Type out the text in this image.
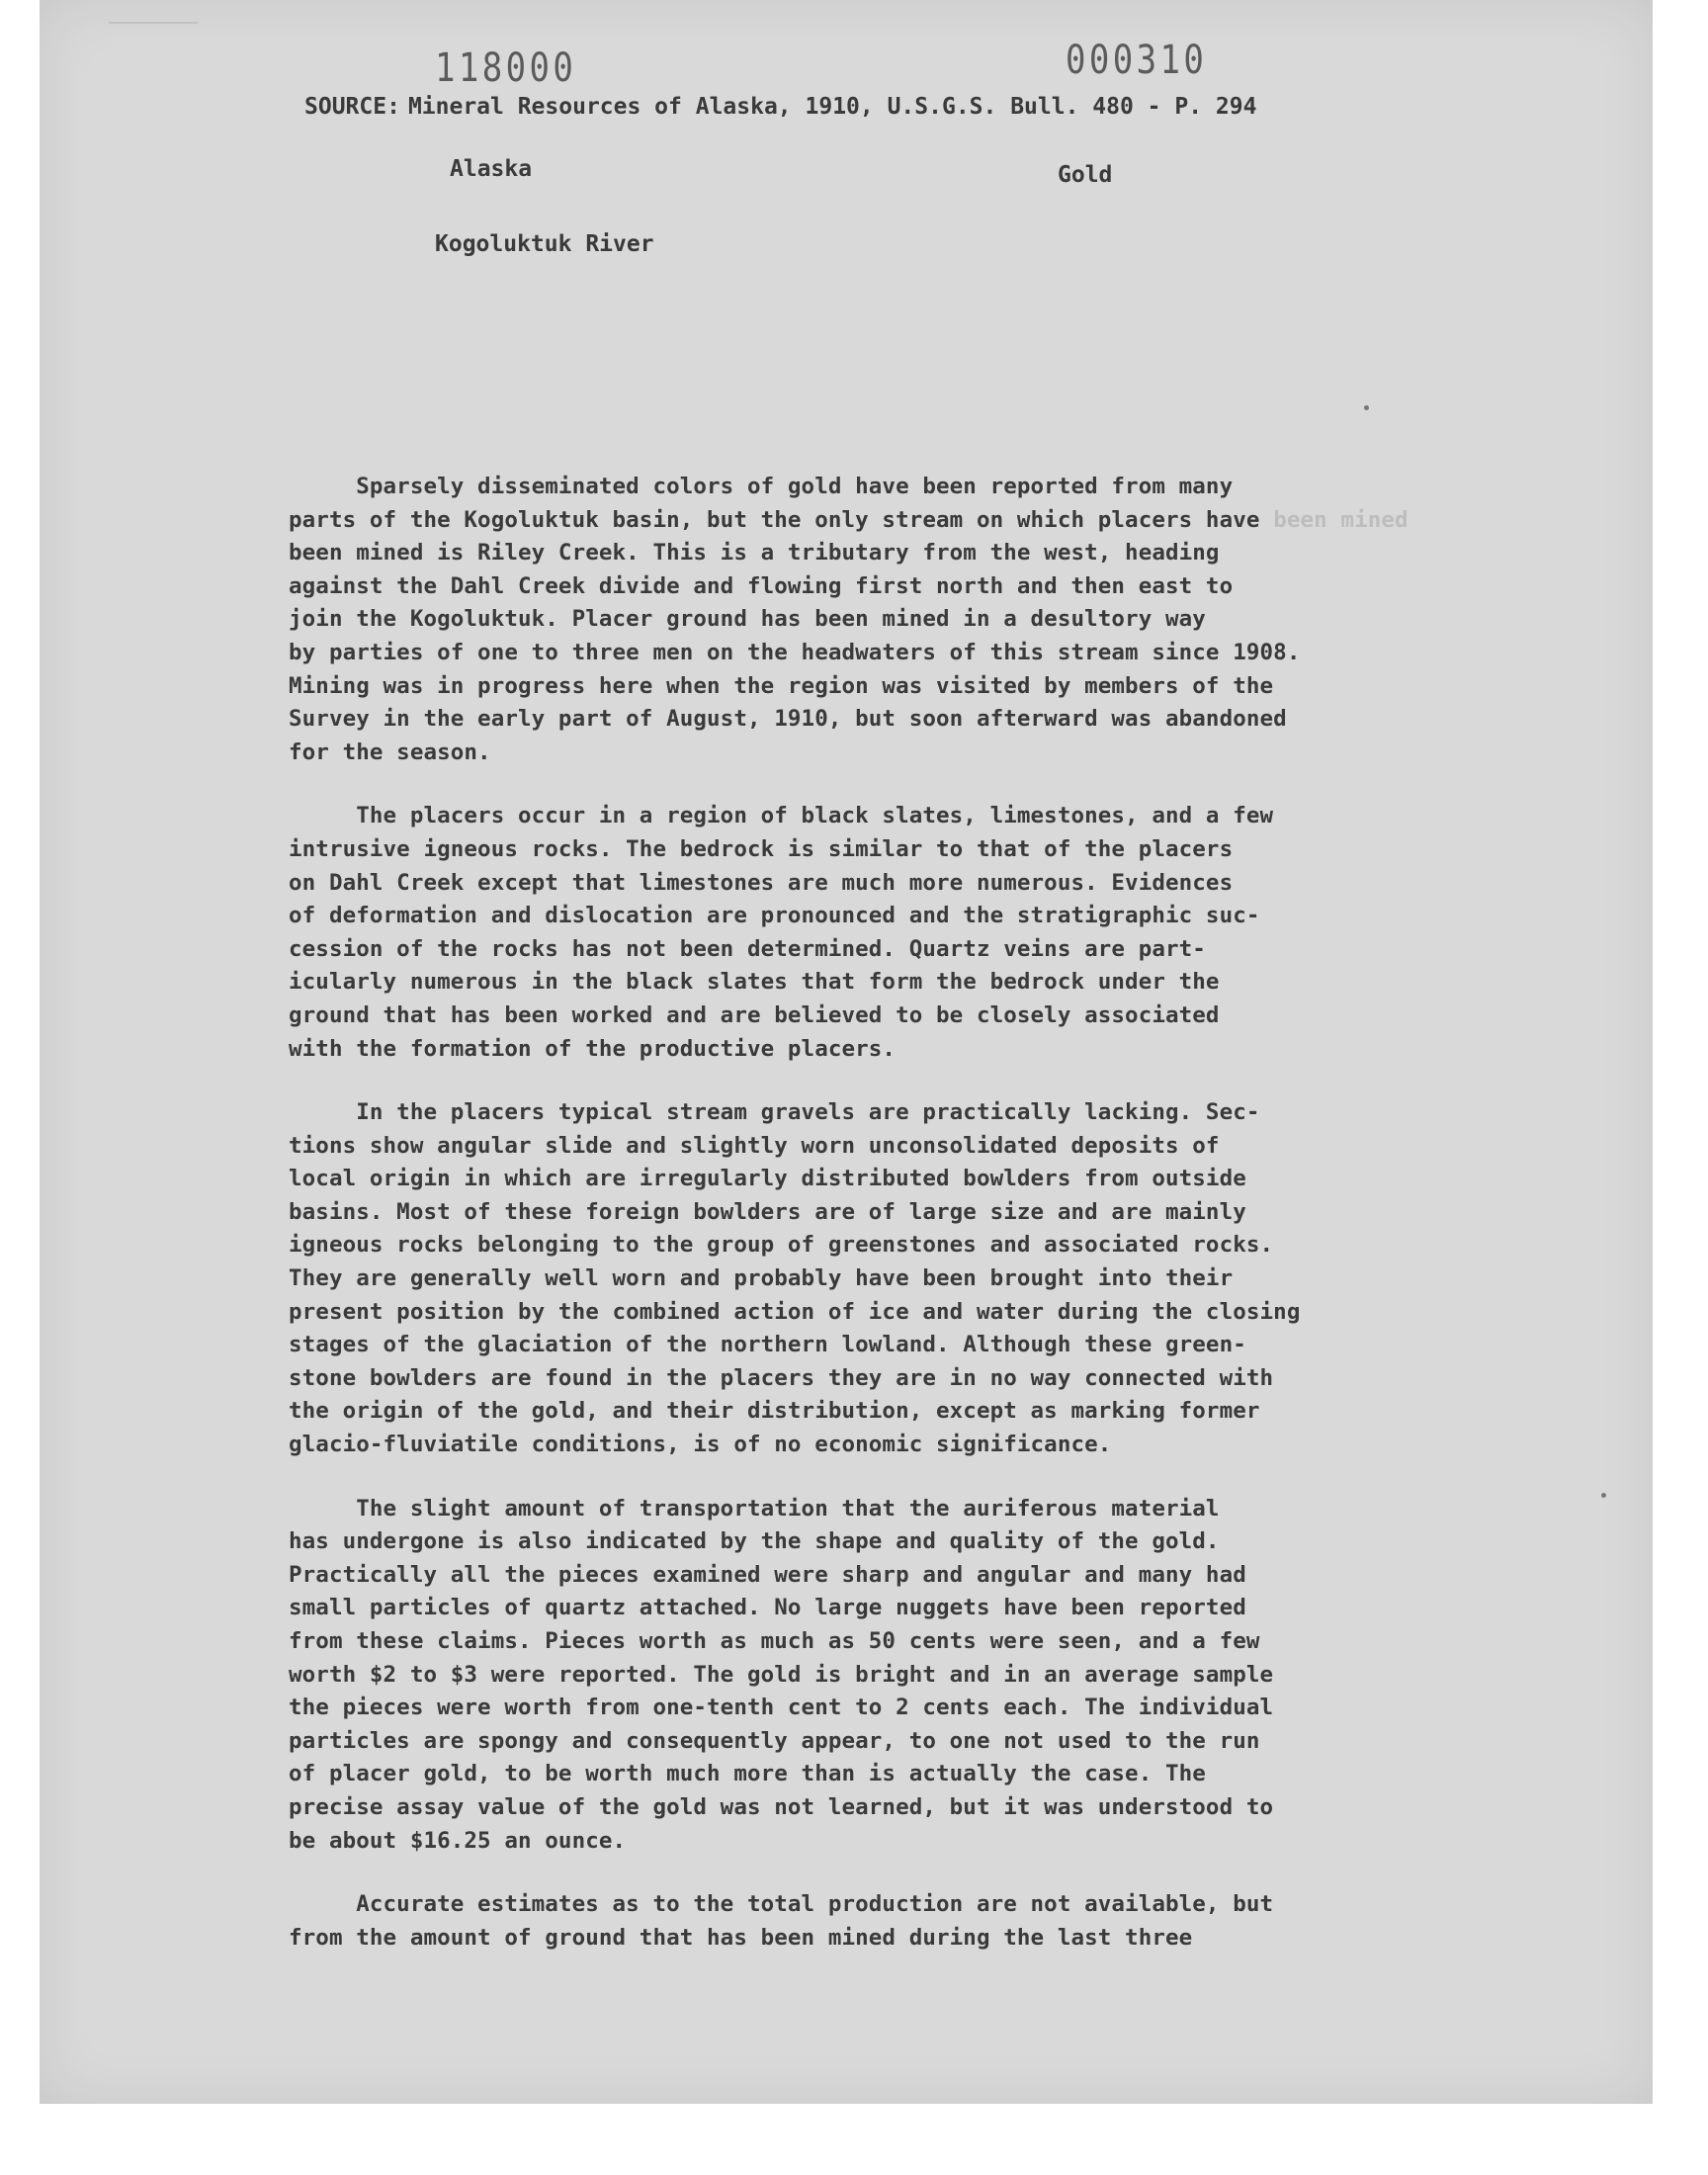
118000	000310
SOURCE: Mineral Resources of Alaska, 1910, U.S.G.S. Bull. 480 - P. 294
Alaska	Gold
Kogoluktuk River
Sparsely disseminated colors of gold have been reported from many
parts of the Kogoluktuk basin, but the only stream on which placers have been mined
been mined is Riley Creek. This is a tributary from the west, heading
against the Dahl Creek divide and flowing first north and then east to
join the Kogoluktuk. Placer ground has been mined in a desultory way
by parties of one to three men on the headwaters of this stream since 1908.
Mining was in progress here when the region was visited by members of the
Survey in the early part of August, 1910, but soon afterward was abandoned
for the season.
The placers occur in a region of black slates, limestones, and a few
intrusive igneous rocks. The bedrock is similar to that of the placers
on Dahl Creek except that limestones are much more numerous. Evidences
of deformation and dislocation are pronounced and the stratigraphic suc-
cession of the rocks has not been determined. Quartz veins are part-
icularly numerous in the black slates that form the bedrock under the
ground that has been worked and are believed to be closely associated
with the formation of the productive placers.
In the placers typical stream gravels are practically lacking. Sec-
tions show angular slide and slightly worn unconsolidated deposits of
local origin in which are irregularly distributed bowlders from outside
basins. Most of these foreign bowlders are of large size and are mainly
igneous rocks belonging to the group of greenstones and associated rocks.
They are generally well worn and probably have been brought into their
present position by the combined action of ice and water during the closing
stages of the glaciation of the northern lowland. Although these green-
stone bowlders are found in the placers they are in no way connected with
the origin of the gold, and their distribution, except as marking former
glacio-fluviatile conditions, is of no economic significance.
The slight amount of transportation that the auriferous material
has undergone is also indicated by the shape and quality of the gold.
Practically all the pieces examined were sharp and angular and many had
small particles of quartz attached. No large nuggets have been reported
from these claims. Pieces worth as much as 50 cents were seen, and a few
worth $2 to $3 were reported. The gold is bright and in an average sample
the pieces were worth from one-tenth cent to 2 cents each. The individual
particles are spongy and consequently appear, to one not used to the run
of placer gold, to be worth much more than is actually the case. The
precise assay value of the gold was not learned, but it was understood to
be about $16.25 an ounce.
Accurate estimates as to the total production are not available, but
from the amount of ground that has been mined during the last three
